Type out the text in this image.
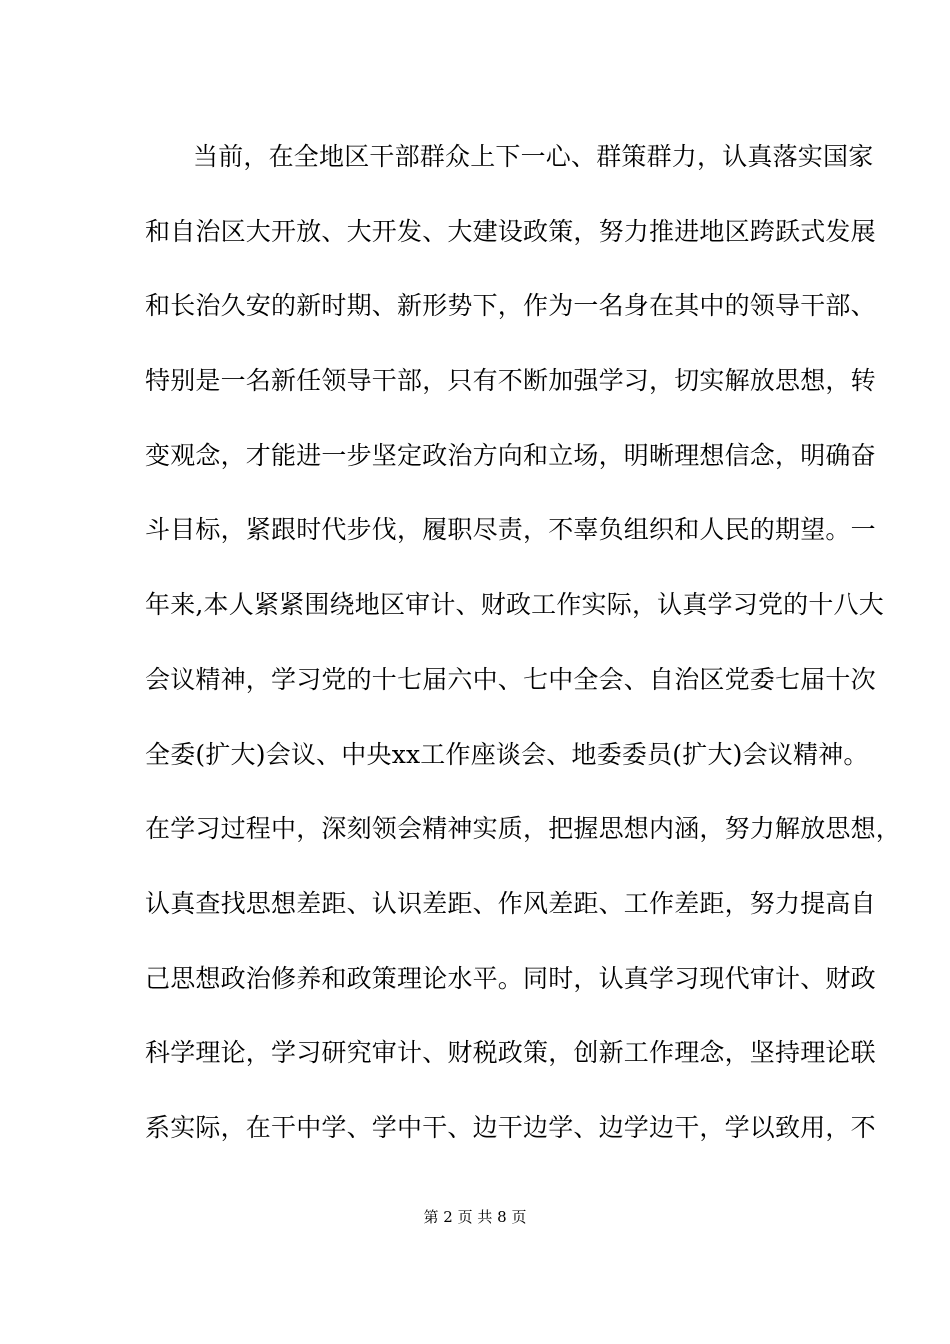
当前，在全地区干部群众上下一心、群策群力，认真落实国家
和自治区大开放、大开发、大建设政策，努力推进地区跨跃式发展
和长治久安的新时期、新形势下，作为一名身在其中的领导干部、
特别是一名新任领导干部，只有不断加强学习，切实解放思想，转
变观念，才能进一步坚定政治方向和立场，明晰理想信念，明确奋
斗目标，紧跟时代步伐，履职尽责，不辜负组织和人民的期望。一
年来,本人紧紧围绕地区审计、财政工作实际，认真学习党的十八大
会议精神，学习党的十七届六中、七中全会、自治区党委七届十次
全委(扩大)会议、中央xx工作座谈会、地委委员(扩大)会议精神。
在学习过程中，深刻领会精神实质，把握思想内涵，努力解放思想，
认真查找思想差距、认识差距、作风差距、工作差距，努力提高自
己思想政治修养和政策理论水平。同时，认真学习现代审计、财政
科学理论，学习研究审计、财税政策，创新工作理念，坚持理论联
系实际，在干中学、学中干、边干边学、边学边干，学以致用，不
第 2 页 共 8 页
